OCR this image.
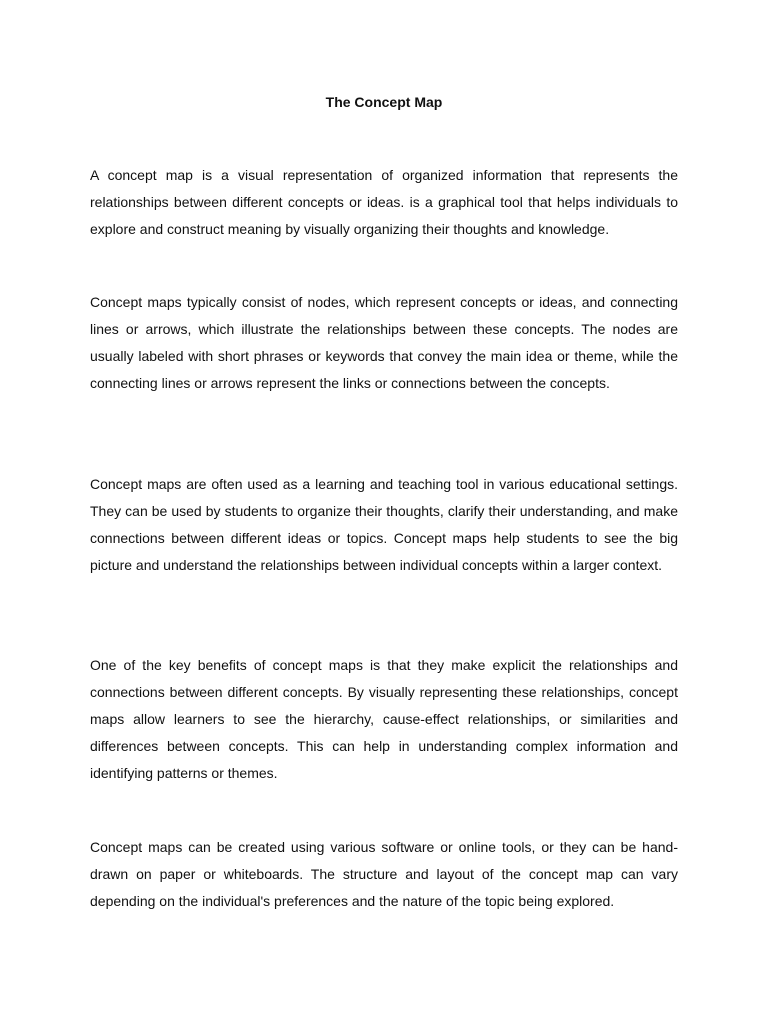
The Concept Map

A concept map is a visual representation of organized information that represents the relationships between different concepts or ideas. is a graphical tool that helps individuals to explore and construct meaning by visually organizing their thoughts and knowledge.

Concept maps typically consist of nodes, which represent concepts or ideas, and connecting lines or arrows, which illustrate the relationships between these concepts. The nodes are usually labeled with short phrases or keywords that convey the main idea or theme, while the connecting lines or arrows represent the links or connections between the concepts.

Concept maps are often used as a learning and teaching tool in various educational settings. They can be used by students to organize their thoughts, clarify their understanding, and make connections between different ideas or topics. Concept maps help students to see the big picture and understand the relationships between individual concepts within a larger context.

One of the key benefits of concept maps is that they make explicit the relationships and connections between different concepts. By visually representing these relationships, concept maps allow learners to see the hierarchy, cause-effect relationships, or similarities and differences between concepts. This can help in understanding complex information and identifying patterns or themes.

Concept maps can be created using various software or online tools, or they can be hand-drawn on paper or whiteboards. The structure and layout of the concept map can vary depending on the individual's preferences and the nature of the topic being explored.
